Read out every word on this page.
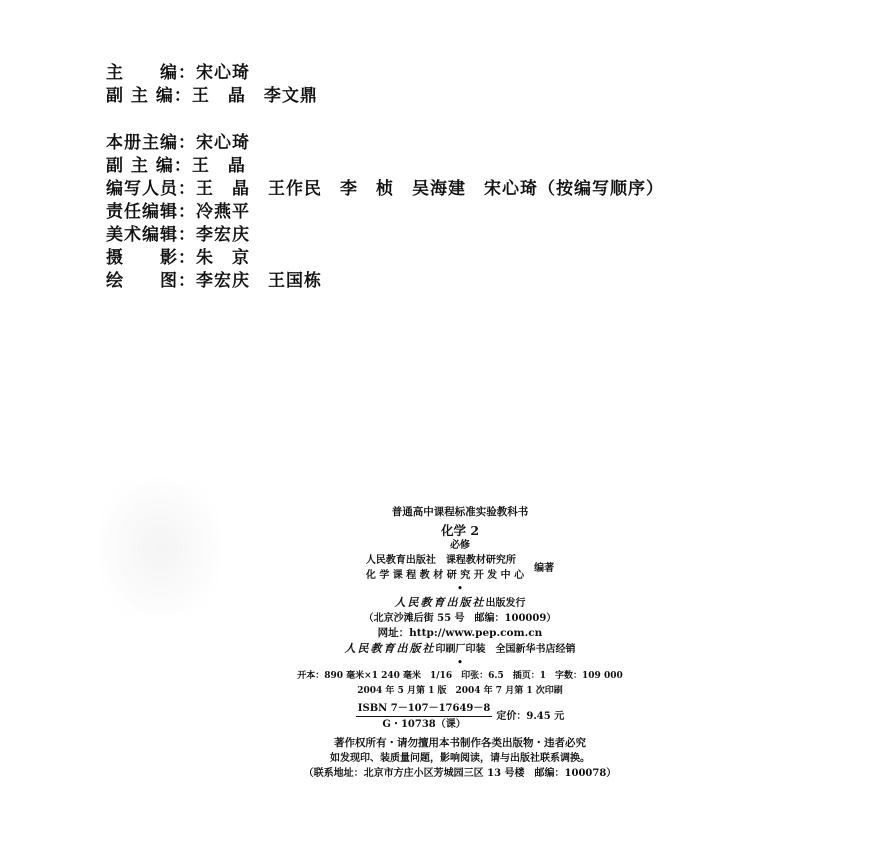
主　　编：宋心琦
副 主 编：王　晶　李文鼎
本册主编：宋心琦
副 主 编：王　晶
编写人员：王　晶　王作民　李　桢　吴海建　宋心琦（按编写顺序）
责任编辑：冷燕平
美术编辑：李宏庆
摄　　影：朱　京
绘　　图：李宏庆　王国栋
普通高中课程标准实验教科书
化学 2
必修
人民教育出版社　课程教材研究所
化 学 课 程 教 材 研 究 开 发 中 心
编著
•
人民教育出版社出版发行
（北京沙滩后街 55 号　邮编：100009）
网址：http://www.pep.com.cn
人民教育出版社印刷厂印装　全国新华书店经销
•
开本：890 毫米×1 240 毫米　1/16　印张：6.5　插页：1　字数：109 000
2004 年 5 月第 1 版　2004 年 7 月第 1 次印刷
ISBN 7－107－17649－8
G・10738（课）
定价：9.45 元
著作权所有・请勿擅用本书制作各类出版物・违者必究
如发现印、装质量问题，影响阅读，请与出版社联系调换。
（联系地址：北京市方庄小区芳城园三区 13 号楼　邮编：100078）
